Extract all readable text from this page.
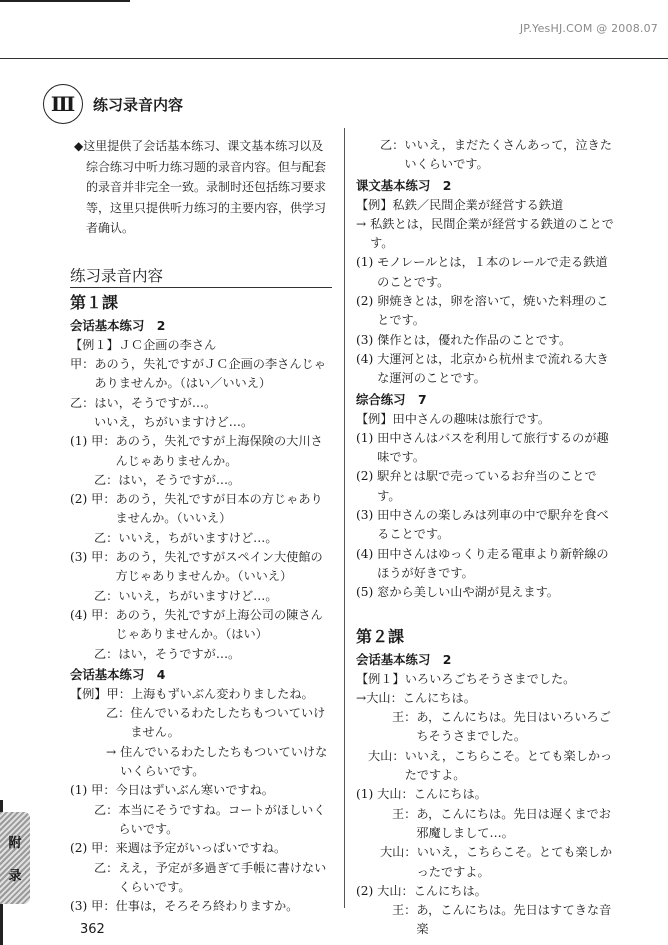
JP.YesHJ.COM @ 2008.07
Ⅲ	练习录音内容
◆这里提供了会话基本练习、课文基本练习以及综合练习中听力练习题的录音内容。但与配套的录音并非完全一致。录制时还包括练习要求等，这里只提供听力练习的主要内容，供学习者确认。
练习录音内容
第１課
会话基本练习　2
【例１】ＪＣ企画の李さん
甲： あのう，失礼ですがＪＣ企画の李さんじゃありませんか。（はい／いいえ）
乙： はい，そうですが…。
いいえ，ちがいますけど…。
(1) 甲： あのう，失礼ですが上海保険の大川さんじゃありませんか。
乙： はい，そうですが…。
(2) 甲： あのう，失礼ですが日本の方じゃありませんか。（いいえ）
乙： いいえ，ちがいますけど…。
(3) 甲： あのう，失礼ですがスペイン大使館の方じゃありませんか。（いいえ）
乙： いいえ，ちがいますけど…。
(4) 甲： あのう，失礼ですが上海公司の陳さんじゃありませんか。（はい）
乙： はい，そうですが…。
会话基本练习　4
【例】甲： 上海もずいぶん変わりましたね。
乙： 住んでいるわたしたちもついていけません。
→ 住んでいるわたしたちもついていけないくらいです。
(1) 甲： 今日はずいぶん寒いですね。
乙： 本当にそうですね。コートがほしいくらいです。
(2) 甲： 来週は予定がいっぱいですね。
乙： ええ，予定が多過ぎて手帳に書けないくらいです。
(3) 甲： 仕事は，そろそろ終わりますか。
乙： いいえ，まだたくさんあって，泣きたいくらいです。
课文基本练习　2
【例】私鉄／民間企業が経営する鉄道
→ 私鉄とは，民間企業が経営する鉄道のことです。
(1) モノレールとは，１本のレールで走る鉄道のことです。
(2) 卵焼きとは，卵を溶いて，焼いた料理のことです。
(3) 傑作とは，優れた作品のことです。
(4) 大運河とは，北京から杭州まで流れる大きな運河のことです。
综合练习　7
【例】田中さんの趣味は旅行です。
(1) 田中さんはバスを利用して旅行するのが趣味です。
(2) 駅弁とは駅で売っているお弁当のことです。
(3) 田中さんの楽しみは列車の中で駅弁を食べることです。
(4) 田中さんはゆっくり走る電車より新幹線のほうが好きです。
(5) 窓から美しい山や湖が見えます。
第２課
会话基本练习　2
【例１】いろいろごちそうさまでした。
→大山： こんにちは。
王： あ，こんにちは。先日はいろいろごちそうさまでした。
大山： いいえ，こちらこそ。とても楽しかったですよ。
(1) 大山： こんにちは。
王： あ，こんにちは。先日は遅くまでお邪魔しまして…。
大山： いいえ，こちらこそ。とても楽しかったですよ。
(2) 大山： こんにちは。
王： あ，こんにちは。先日はすてきな音楽
附
录
362
